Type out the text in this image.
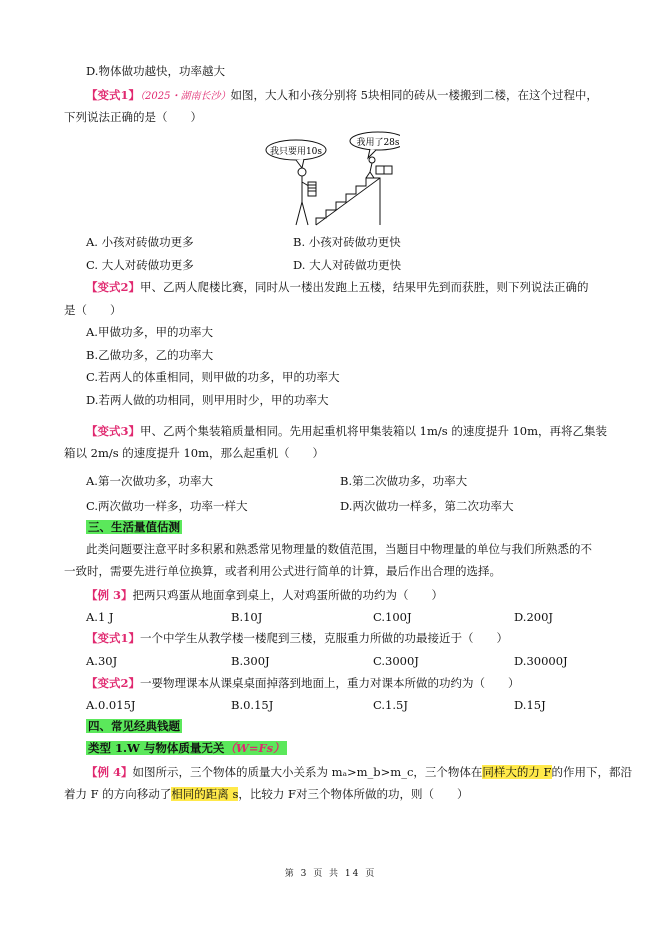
D.物体做功越快，功率越大
【变式1】（2025・湖南长沙）如图，大人和小孩分别将 5块相同的砖从一楼搬到二楼，在这个过程中，
下列说法正确的是（　　）
我只要用10s
我用了28s
A. 小孩对砖做功更多	B. 小孩对砖做功更快
C. 大人对砖做功更多	D. 大人对砖做功更快
【变式2】甲、乙两人爬楼比赛，同时从一楼出发跑上五楼，结果甲先到而获胜，则下列说法正确的
是（　　）
A.甲做功多，甲的功率大
B.乙做功多，乙的功率大
C.若两人的体重相同，则甲做的功多，甲的功率大
D.若两人做的功相同，则甲用时少，甲的功率大
【变式3】甲、乙两个集装箱质量相同。先用起重机将甲集装箱以 1m/s 的速度提升 10m，再将乙集装
箱以 2m/s 的速度提升 10m，那么起重机（　　）
A.第一次做功多，功率大	B.第二次做功多，功率大
C.两次做功一样多，功率一样大	D.两次做功一样多，第二次功率大
三、生活量值估测
此类问题要注意平时多积累和熟悉常见物理量的数值范围，当题目中物理量的单位与我们所熟悉的不
一致时，需要先进行单位换算，或者利用公式进行简单的计算，最后作出合理的选择。
【例 3】把两只鸡蛋从地面拿到桌上，人对鸡蛋所做的功约为（　　）
A.1 J	B.10J	C.100J	D.200J
【变式1】一个中学生从教学楼一楼爬到三楼，克服重力所做的功最接近于（　　）
A.30J	B.300J	C.3000J	D.30000J
【变式2】一要物理课本从课桌桌面掉落到地面上，重力对课本所做的功约为（　　）
A.0.015J	B.0.15J	C.1.5J	D.15J
四、常见经典钱题
类型 1.W 与物体质量无关（W=Fs）
【例 4】如图所示，三个物体的质量大小关系为 mₐ>m_b>m_c，三个物体在同样大的力 F的作用下，都沿
着力 F 的方向移动了相同的距离 s，比较力 F对三个物体所做的功，则（　　）
第 3 页 共 14 页
